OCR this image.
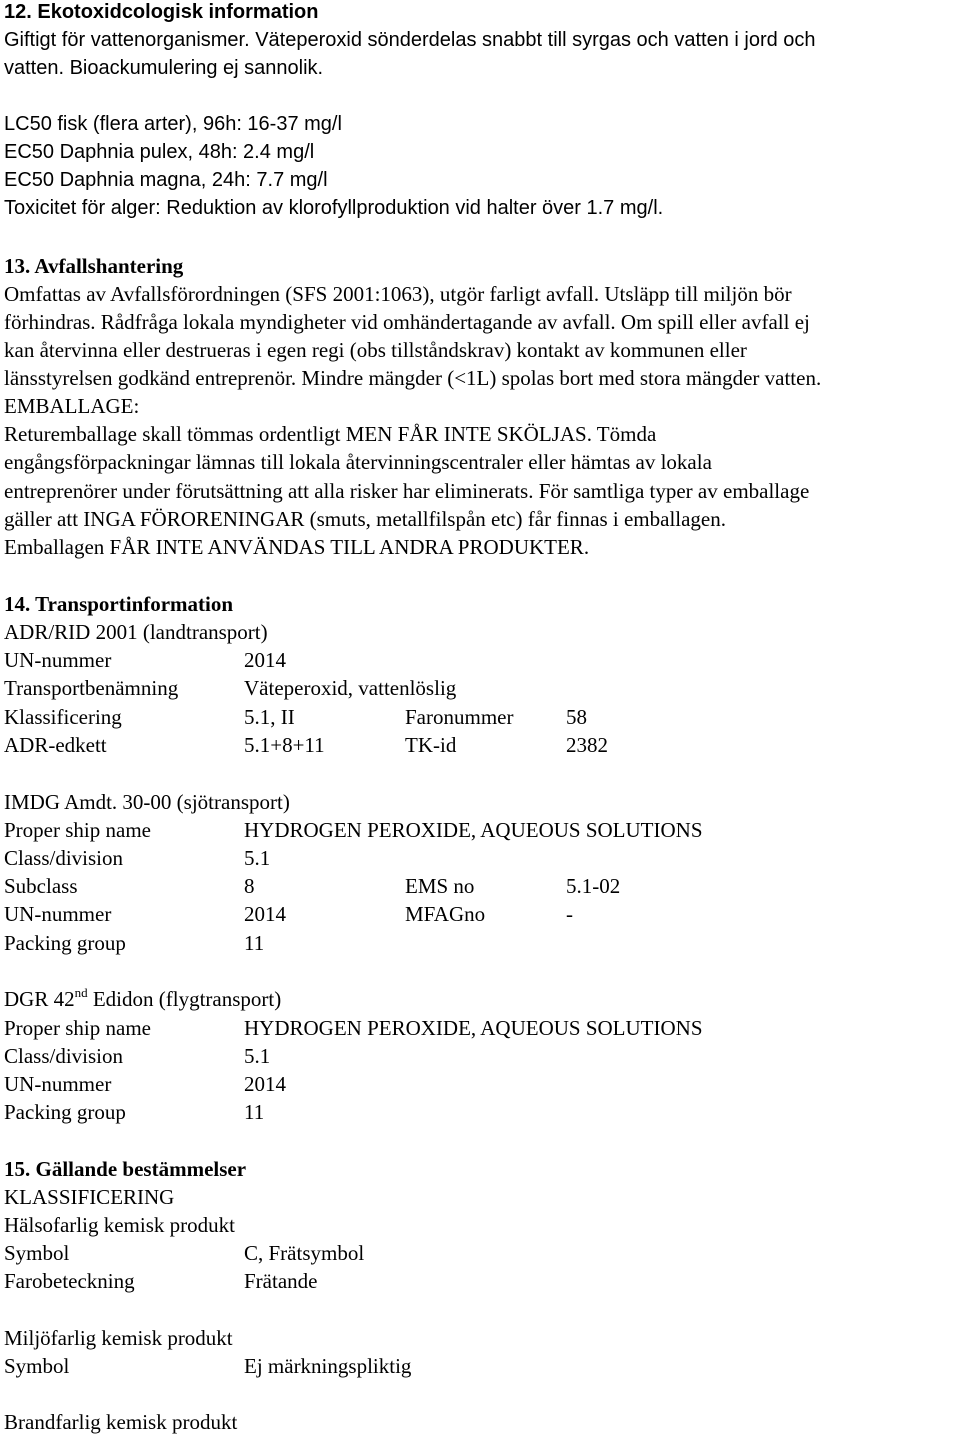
12. Ekotoxidcologisk information
Giftigt för vattenorganismer. Väteperoxid sönderdelas snabbt till syrgas och vatten i jord och
vatten. Bioackumulering ej sannolik.
LC50 fisk (flera arter), 96h: 16-37 mg/l
EC50 Daphnia pulex, 48h: 2.4 mg/l
EC50 Daphnia magna, 24h: 7.7 mg/l
Toxicitet för alger: Reduktion av klorofyllproduktion vid halter över 1.7 mg/l.
13. Avfallshantering
Omfattas av Avfallsförordningen (SFS 2001:1063), utgör farligt avfall. Utsläpp till miljön bör
förhindras. Rådfråga lokala myndigheter vid omhändertagande av avfall. Om spill eller avfall ej
kan återvinna eller destrueras i egen regi (obs tillståndskrav) kontakt av kommunen eller
länsstyrelsen godkänd entreprenör. Mindre mängder (<1L) spolas bort med stora mängder vatten.
EMBALLAGE:
Returemballage skall tömmas ordentligt MEN FÅR INTE SKÖLJAS. Tömda
engångsförpackningar lämnas till lokala återvinningscentraler eller hämtas av lokala
entreprenörer under förutsättning att alla risker har eliminerats. För samtliga typer av emballage
gäller att INGA FÖRORENINGAR (smuts, metallfilspån etc) får finnas i emballagen.
Emballagen FÅR INTE ANVÄNDAS TILL ANDRA PRODUKTER.
14. Transportinformation
ADR/RID 2001 (landtransport)
UN-nummer	2014
Transportbenämning	Väteperoxid, vattenlöslig
Klassificering	5.1, II	Faronummer	58
ADR-edkett	5.1+8+11	TK-id	2382
IMDG Amdt. 30-00 (sjötransport)
Proper ship name	HYDROGEN PEROXIDE, AQUEOUS SOLUTIONS
Class/division	5.1
Subclass	8	EMS no	5.1-02
UN-nummer	2014	MFAGno	-
Packing group	11
DGR 42nd Edidon (flygtransport)
Proper ship name	HYDROGEN PEROXIDE, AQUEOUS SOLUTIONS
Class/division	5.1
UN-nummer	2014
Packing group	11
15. Gällande bestämmelser
KLASSIFICERING
Hälsofarlig kemisk produkt
Symbol	C, Frätsymbol
Farobeteckning	Frätande
Miljöfarlig kemisk produkt
Symbol	Ej märkningspliktig
Brandfarlig kemisk produkt
